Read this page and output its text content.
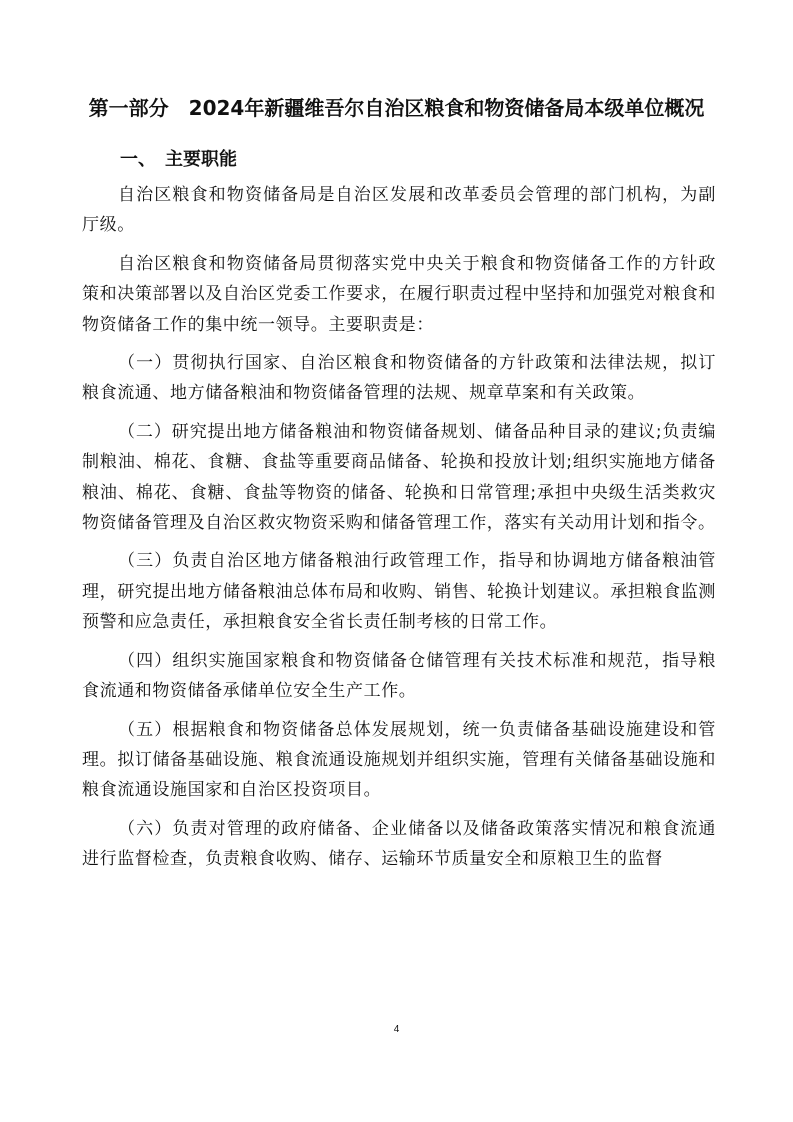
第一部分　2024年新疆维吾尔自治区粮食和物资储备局本级单位概况
一、　主要职能

自治区粮食和物资储备局是自治区发展和改革委员会管理的部门机构，为副厅级。

自治区粮食和物资储备局贯彻落实党中央关于粮食和物资储备工作的方针政策和决策部署以及自治区党委工作要求，在履行职责过程中坚持和加强党对粮食和物资储备工作的集中统一领导。主要职责是：

（一）贯彻执行国家、自治区粮食和物资储备的方针政策和法律法规，拟订粮食流通、地方储备粮油和物资储备管理的法规、规章草案和有关政策。

（二）研究提出地方储备粮油和物资储备规划、储备品种目录的建议;负责编制粮油、棉花、食糖、食盐等重要商品储备、轮换和投放计划;组织实施地方储备粮油、棉花、食糖、食盐等物资的储备、轮换和日常管理;承担中央级生活类救灾物资储备管理及自治区救灾物资采购和储备管理工作，落实有关动用计划和指令。

（三）负责自治区地方储备粮油行政管理工作，指导和协调地方储备粮油管理，研究提出地方储备粮油总体布局和收购、销售、轮换计划建议。承担粮食监测预警和应急责任，承担粮食安全省长责任制考核的日常工作。

（四）组织实施国家粮食和物资储备仓储管理有关技术标准和规范，指导粮食流通和物资储备承储单位安全生产工作。

（五）根据粮食和物资储备总体发展规划，统一负责储备基础设施建设和管理。拟订储备基础设施、粮食流通设施规划并组织实施，管理有关储备基础设施和粮食流通设施国家和自治区投资项目。

（六）负责对管理的政府储备、企业储备以及储备政策落实情况和粮食流通进行监督检查，负责粮食收购、储存、运输环节质量安全和原粮卫生的监督

4
